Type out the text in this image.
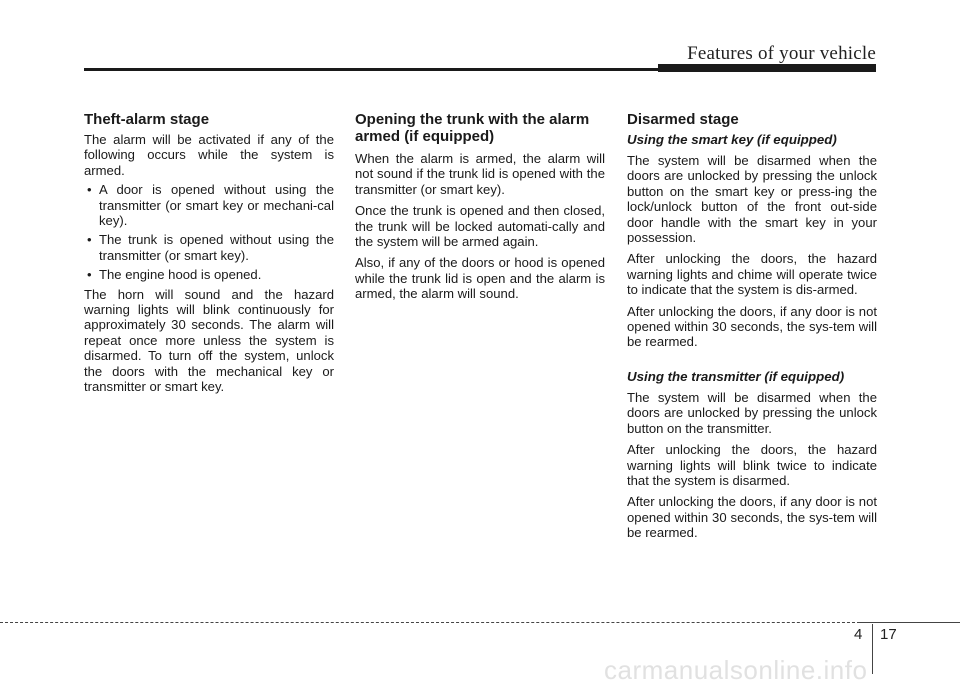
Features of your vehicle
Theft-alarm stage

The alarm will be activated if any of the following occurs while the system is armed.

• A door is opened without using the transmitter (or smart key or mechani-cal key).
• The trunk is opened without using the transmitter (or smart key).
• The engine hood is opened.

The horn will sound and the hazard warning lights will blink continuously for approximately 30 seconds. The alarm will repeat once more unless the system is disarmed. To turn off the system, unlock the doors with the mechanical key or transmitter or smart key.

Opening the trunk with the alarm armed (if equipped)

When the alarm is armed, the alarm will not sound if the trunk lid is opened with the transmitter (or smart key).

Once the trunk is opened and then closed, the trunk will be locked automati-cally and the system will be armed again.

Also, if any of the doors or hood is opened while the trunk lid is open and the alarm is armed, the alarm will sound.

Disarmed stage
Using the smart key (if equipped)

The system will be disarmed when the doors are unlocked by pressing the unlock button on the smart key or press-ing the lock/unlock button of the front out-side door handle with the smart key in your possession.

After unlocking the doors, the hazard warning lights and chime will operate twice to indicate that the system is dis-armed.

After unlocking the doors, if any door is not opened within 30 seconds, the sys-tem will be rearmed.

Using the transmitter (if equipped)

The system will be disarmed when the doors are unlocked by pressing the unlock button on the transmitter.

After unlocking the doors, the hazard warning lights will blink twice to indicate that the system is disarmed.

After unlocking the doors, if any door is not opened within 30 seconds, the sys-tem will be rearmed.

4 17
carmanualsonline.info
